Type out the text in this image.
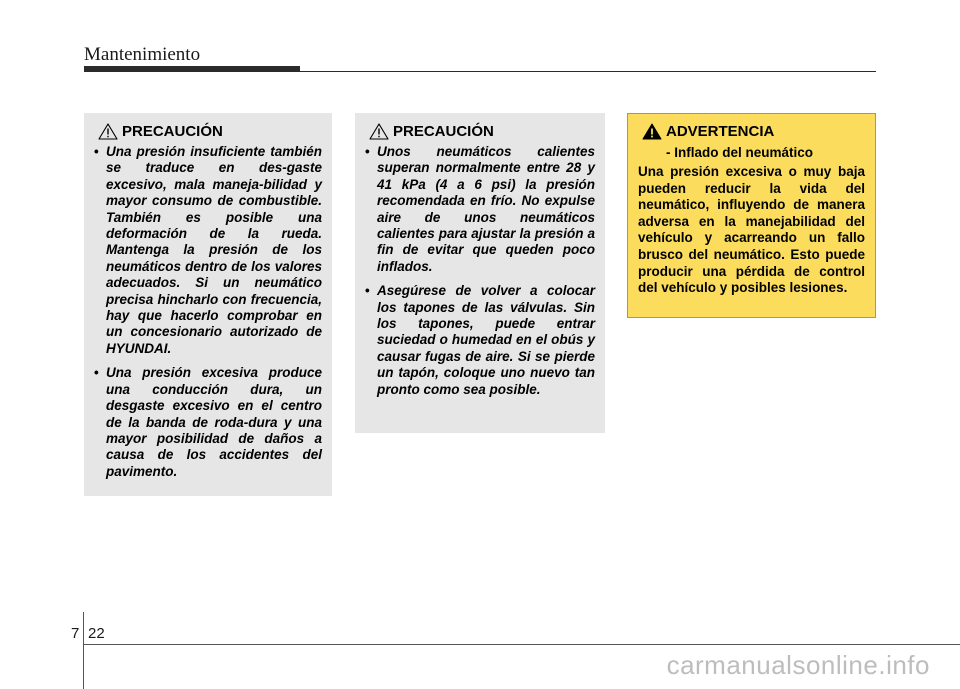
Mantenimiento
PRECAUCIÓN
• Una presión insuficiente también se traduce en des-gaste excesivo, mala maneja-bilidad y mayor consumo de combustible. También es posible una deformación de la rueda. Mantenga la presión de los neumáticos dentro de los valores adecuados. Si un neumático precisa hincharlo con frecuencia, hay que hacerlo comprobar en un concesionario autorizado de HYUNDAI.
• Una presión excesiva produce una conducción dura, un desgaste excesivo en el centro de la banda de roda-dura y una mayor posibilidad de daños a causa de los accidentes del pavimento.
PRECAUCIÓN
• Unos neumáticos calientes superan normalmente entre 28 y 41 kPa (4 a 6 psi) la presión recomendada en frío. No expulse aire de unos neumáticos calientes para ajustar la presión a fin de evitar que queden poco inflados.
• Asegúrese de volver a colocar los tapones de las válvulas. Sin los tapones, puede entrar suciedad o humedad en el obús y causar fugas de aire. Si se pierde un tapón, coloque uno nuevo tan pronto como sea posible.
ADVERTENCIA
- Inflado del neumático
Una presión excesiva o muy baja pueden reducir la vida del neumático, influyendo de manera adversa en la manejabilidad del vehículo y acarreando un fallo brusco del neumático. Esto puede producir una pérdida de control del vehículo y posibles lesiones.
7 22
carmanualsonline.info
